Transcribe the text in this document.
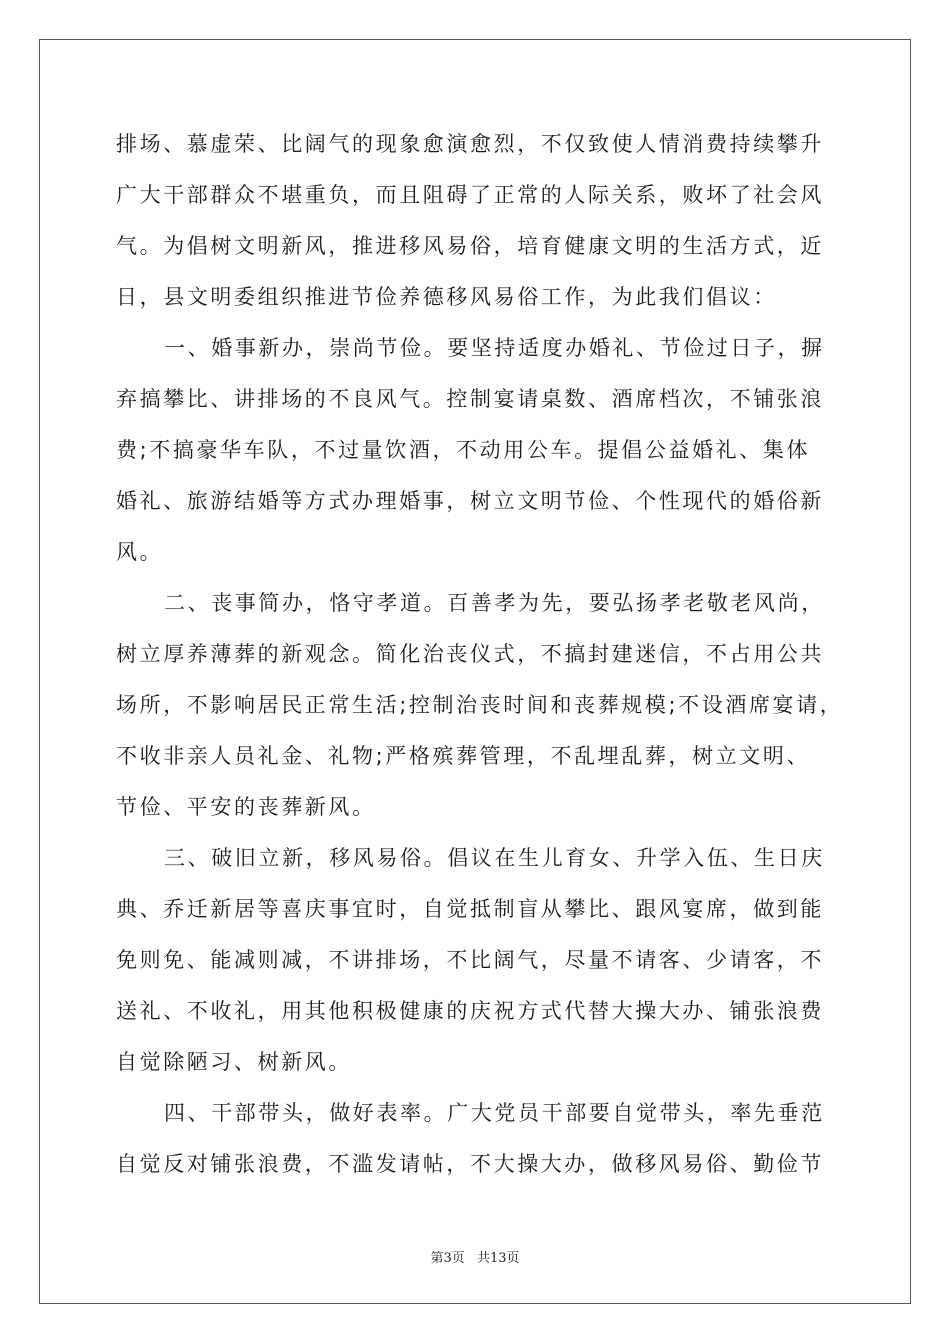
排场、慕虚荣、比阔气的现象愈演愈烈，不仅致使人情消费持续攀升
广大干部群众不堪重负，而且阻碍了正常的人际关系，败坏了社会风
气。为倡树文明新风，推进移风易俗，培育健康文明的生活方式，近
日，县文明委组织推进节俭养德移风易俗工作，为此我们倡议：
一、婚事新办，崇尚节俭。要坚持适度办婚礼、节俭过日子，摒
弃搞攀比、讲排场的不良风气。控制宴请桌数、酒席档次，不铺张浪
费;不搞豪华车队，不过量饮酒，不动用公车。提倡公益婚礼、集体
婚礼、旅游结婚等方式办理婚事，树立文明节俭、个性现代的婚俗新
风。
二、丧事简办，恪守孝道。百善孝为先，要弘扬孝老敬老风尚，
树立厚养薄葬的新观念。简化治丧仪式，不搞封建迷信，不占用公共
场所，不影响居民正常生活;控制治丧时间和丧葬规模;不设酒席宴请，
不收非亲人员礼金、礼物;严格殡葬管理，不乱埋乱葬，树立文明、
节俭、平安的丧葬新风。
三、破旧立新，移风易俗。倡议在生儿育女、升学入伍、生日庆
典、乔迁新居等喜庆事宜时，自觉抵制盲从攀比、跟风宴席，做到能
免则免、能减则减，不讲排场，不比阔气，尽量不请客、少请客，不
送礼、不收礼，用其他积极健康的庆祝方式代替大操大办、铺张浪费
自觉除陋习、树新风。
四、干部带头，做好表率。广大党员干部要自觉带头，率先垂范
自觉反对铺张浪费，不滥发请帖，不大操大办，做移风易俗、勤俭节
第3页 共13页
